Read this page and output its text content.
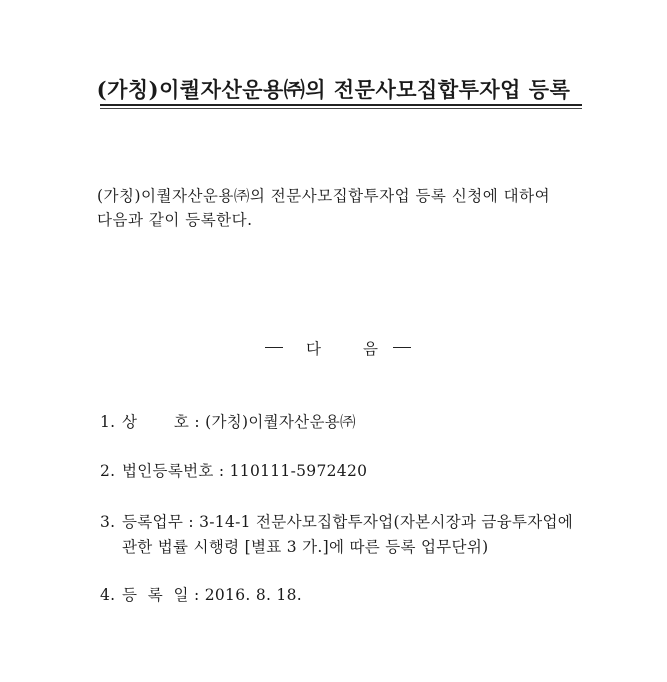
(가칭)이퀄자산운용㈜의 전문사모집합투자업 등록

(가칭)이퀄자산운용㈜의 전문사모집합투자업 등록 신청에 대하여

다음과 같이 등록한다.

다	음
1. 상       호 : (가칭)이퀄자산운용㈜
2. 법인등록번호 : 110111-5972420
3. 등록업무 : 3-14-1 전문사모집합투자업(자본시장과 금융투자업에
관한 법률 시행령 [별표 3 가.]에 따른 등록 업무단위)
4. 등  록  일 : 2016. 8. 18.
